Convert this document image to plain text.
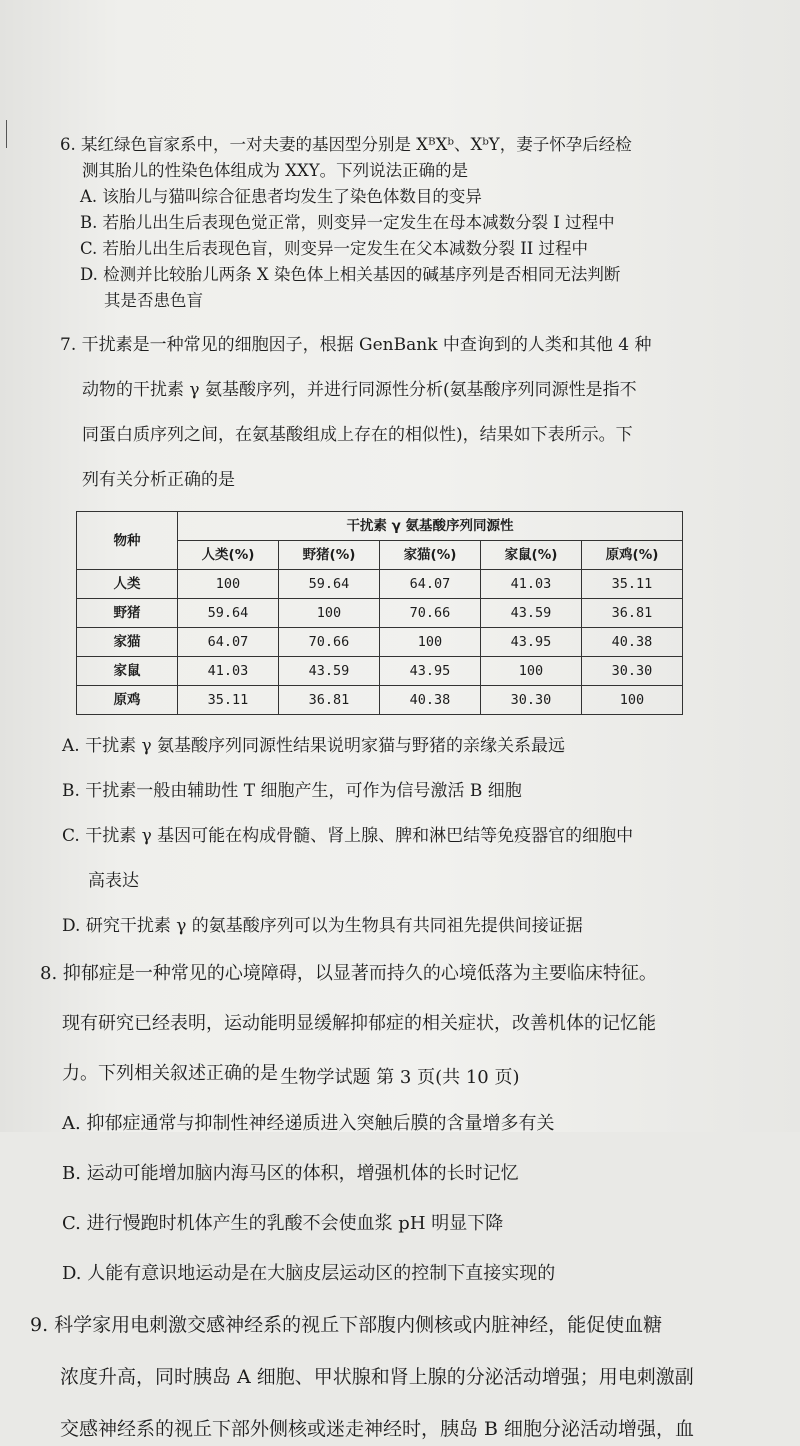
6. 某红绿色盲家系中，一对夫妻的基因型分别是 XᴮXᵇ、XᵇY，妻子怀孕后经检

测其胎儿的性染色体组成为 XXY。下列说法正确的是

A. 该胎儿与猫叫综合征患者均发生了染色体数目的变异

B. 若胎儿出生后表现色觉正常，则变异一定发生在母本减数分裂 I 过程中

C. 若胎儿出生后表现色盲，则变异一定发生在父本减数分裂 II 过程中

D. 检测并比较胎儿两条 X 染色体上相关基因的碱基序列是否相同无法判断

其是否患色盲

7. 干扰素是一种常见的细胞因子，根据 GenBank 中查询到的人类和其他 4 种

动物的干扰素 γ 氨基酸序列，并进行同源性分析(氨基酸序列同源性是指不

同蛋白质序列之间，在氨基酸组成上存在的相似性)，结果如下表所示。下

列有关分析正确的是

物种	干扰素 γ 氨基酸序列同源性				
	人类(%)	野猪(%)	家猫(%)	家鼠(%)	原鸡(%)
人类	100	59.64	64.07	41.03	35.11
野猪	59.64	100	70.66	43.59	36.81
家猫	64.07	70.66	100	43.95	40.38
家鼠	41.03	43.59	43.95	100	30.30
原鸡	35.11	36.81	40.38	30.30	100

A. 干扰素 γ 氨基酸序列同源性结果说明家猫与野猪的亲缘关系最远

B. 干扰素一般由辅助性 T 细胞产生，可作为信号激活 B 细胞

C. 干扰素 γ 基因可能在构成骨髓、肾上腺、脾和淋巴结等免疫器官的细胞中

高表达

D. 研究干扰素 γ 的氨基酸序列可以为生物具有共同祖先提供间接证据

8. 抑郁症是一种常见的心境障碍，以显著而持久的心境低落为主要临床特征。

现有研究已经表明，运动能明显缓解抑郁症的相关症状，改善机体的记忆能

力。下列相关叙述正确的是

A. 抑郁症通常与抑制性神经递质进入突触后膜的含量增多有关

B. 运动可能增加脑内海马区的体积，增强机体的长时记忆

C. 进行慢跑时机体产生的乳酸不会使血浆 pH 明显下降

D. 人能有意识地运动是在大脑皮层运动区的控制下直接实现的

9. 科学家用电刺激交感神经系的视丘下部腹内侧核或内脏神经，能促使血糖

浓度升高，同时胰岛 A 细胞、甲状腺和肾上腺的分泌活动增强；用电刺激副

交感神经系的视丘下部外侧核或迷走神经时，胰岛 B 细胞分泌活动增强，血

生物学试题 第 3 页(共 10 页)
